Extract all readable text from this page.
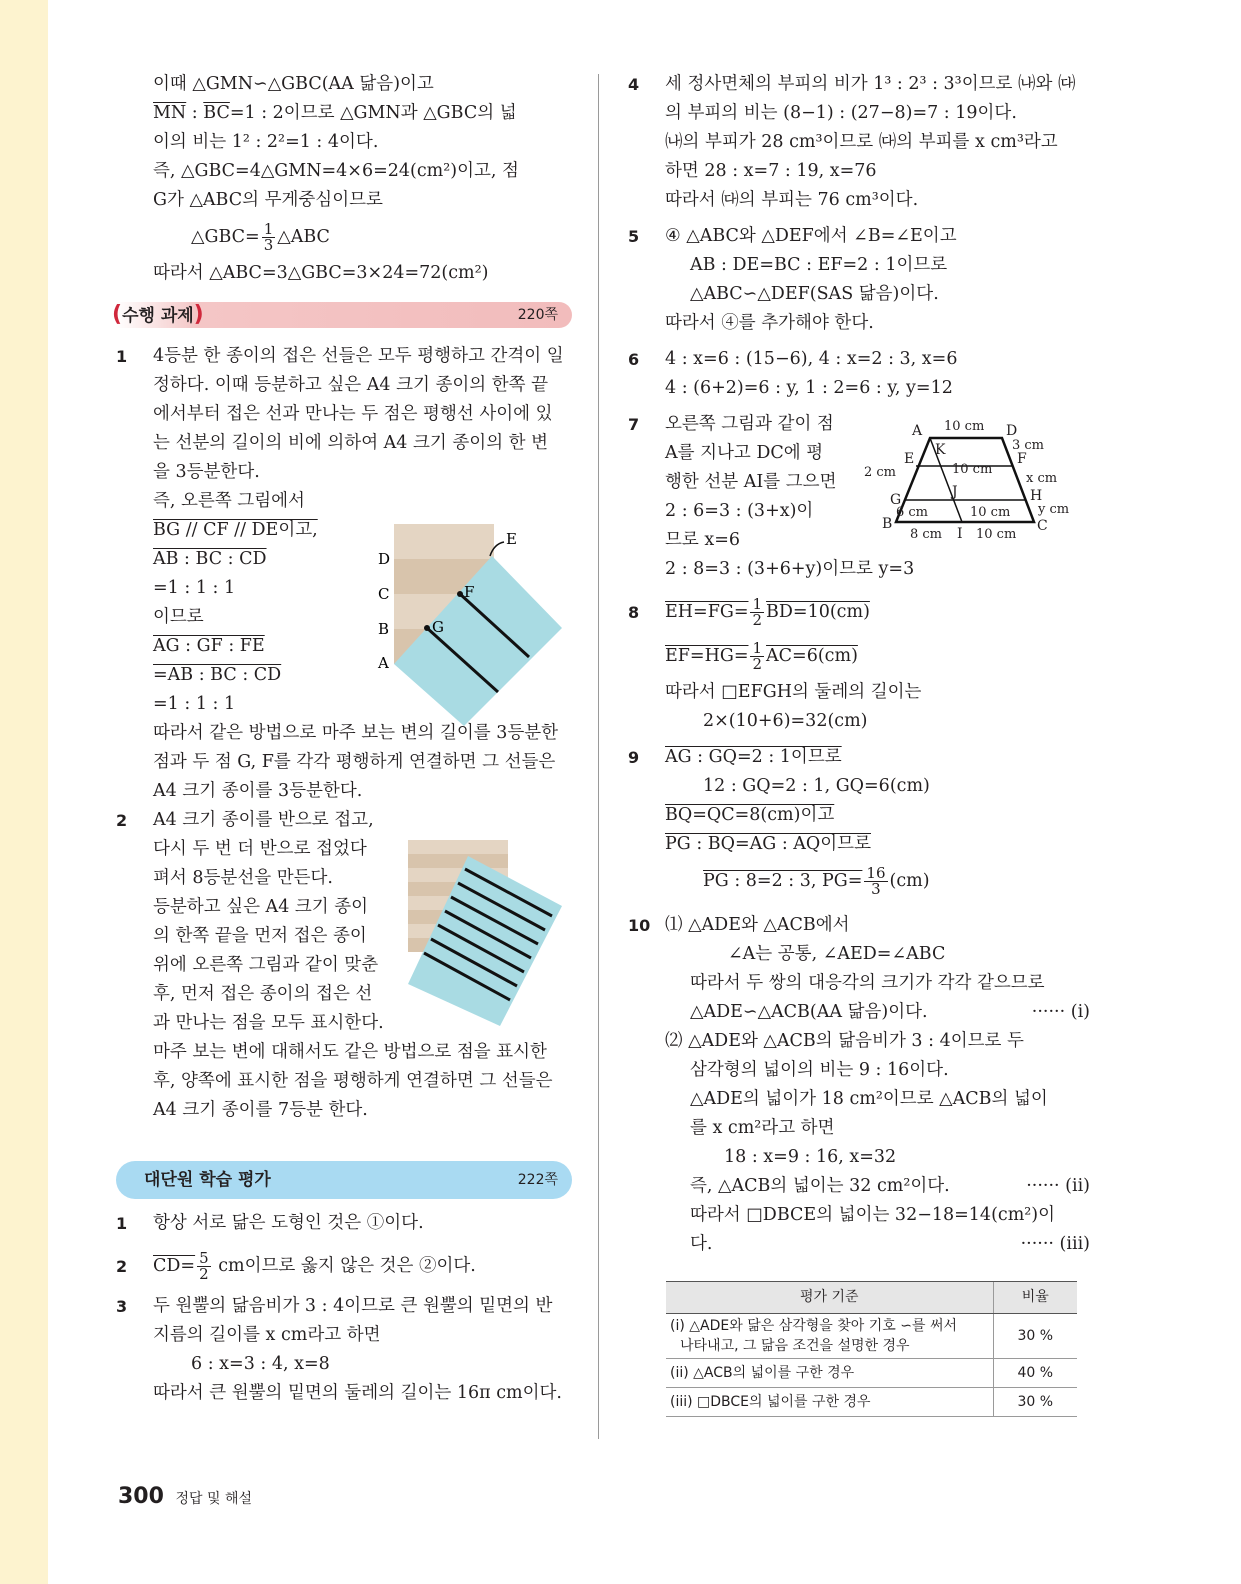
이때 △GMN∽△GBC(AA 닮음)이고
$\overline{MN}$ : $\overline{BC}=1$ : 2이므로 △GMN과 △GBC의 넓
이의 비는 1² : 2²=1 : 4이다.
즉, △GBC=4△GMN=4×6=24(cm²)이고, 점
G가 △ABC의 무게중심이므로
△GBC= $\frac{1}{3}$ △ABC
따라서 △ABC=3△GBC=3×24=72(cm²)
(수행 과제)	220쪽
1	4등분 한 종이의 접은 선들은 모두 평행하고 간격이 일
정하다. 이때 등분하고 싶은 A4 크기 종이의 한쪽 끝
에서부터 접은 선과 만나는 두 점은 평행선 사이에 있
는 선분의 길이의 비에 의하여 A4 크기 종이의 한 변
을 3등분한다.
즉, 오른쪽 그림에서
BG // CF // DE이고,
AB : BC : CD
=1 : 1 : 1
이므로
AG : GF : FE
=AB : BC : CD
=1 : 1 : 1
따라서 같은 방법으로 마주 보는 변의 길이를 3등분한
점과 두 점 G, F를 각각 평행하게 연결하면 그 선들은
A4 크기 종이를 3등분한다.
2	A4 크기 종이를 반으로 접고,
다시 두 번 더 반으로 접었다
펴서 8등분선을 만든다.
등분하고 싶은 A4 크기 종이
의 한쪽 끝을 먼저 접은 종이
위에 오른쪽 그림과 같이 맞춘
후, 먼저 접은 종이의 접은 선
과 만나는 점을 모두 표시한다.
마주 보는 변에 대해서도 같은 방법으로 점을 표시한
후, 양쪽에 표시한 점을 평행하게 연결하면 그 선들은
A4 크기 종이를 7등분 한다.
대단원 학습 평가	222쪽
1	항상 서로 닮은 도형인 것은 ①이다.
2	$CD= \frac{5}{2}$ cm이므로 옳지 않은 것은 ②이다.
3	두 원뿔의 닮음비가 3 : 4이므로 큰 원뿔의 밑면의 반
지름의 길이를 x cm라고 하면
6 : x=3 : 4, x=8
따라서 큰 원뿔의 밑면의 둘레의 길이는 16π cm이다.
D
C
B
A
E
F
G
4	세 정사면체의 부피의 비가 1³ : 2³ : 3³이므로 ㈏와 ㈐
의 부피의 비는 (8−1) : (27−8)=7 : 19이다.
㈏의 부피가 28 cm³이므로 ㈐의 부피를 x cm³라고
하면 28 : x=7 : 19, x=76
따라서 ㈐의 부피는 76 cm³이다.
5	④ △ABC와 △DEF에서 ∠B=∠E이고
AB : DE=BC : EF=2 : 1이므로
△ABC∽△DEF(SAS 닮음)이다.
따라서 ④를 추가해야 한다.
6	4 : x=6 : (15−6), 4 : x=2 : 3, x=6
4 : (6+2)=6 : y, 1 : 2=6 : y, y=12
7	오른쪽 그림과 같이 점
A를 지나고 DC에 평
행한 선분 AI를 그으면
2 : 6=3 : (3+x)이
므로 x=6
2 : 8=3 : (3+6+y)이므로 y=3
8	$EH=FG= \frac{1}{2} BD=10(cm)$
$EF=HG= \frac{1}{2} AC=6(cm)$
따라서 □EFGH의 둘레의 길이는
2×(10+6)=32(cm)
9	AG : GQ=2 : 1이므로
12 : GQ=2 : 1, GQ=6(cm)
BQ=QC=8(cm)이고
PG : BQ=AG : AQ이므로
PG : 8=2 : 3, $PG= \frac{16}{3} (cm)$
10 ⑴ △ADE와 △ACB에서
∠A는 공통, ∠AED=∠ABC
따라서 두 쌍의 대응각의 크기가 각각 같으므로
△ADE∽△ACB(AA 닮음)이다.	······ (i)
⑵ △ADE와 △ACB의 닮음비가 3 : 4이므로 두
삼각형의 넓이의 비는 9 : 16이다.
△ADE의 넓이가 18 cm²이므로 △ACB의 넓이
를 x cm²라고 하면
18 : x=9 : 16, x=32
즉, △ACB의 넓이는 32 cm²이다.	······ (ii)
따라서 □DBCE의 넓이는 32−18=14(cm²)이
다.	······ (iii)
A	D
K
E	F
J
G	H
B	C
I
10 cm
3 cm
2 cm	10 cm
x cm
y cm
6 cm	10 cm
8 cm	10 cm
평가 기준	비율

(i) △ADE와 닮은 삼각형을 찾아 기호 ∽를 써서
나타내고, 그 닮음 조건을 설명한 경우	30 %
(ii) △ACB의 넓이를 구한 경우	40 %
(iii) □DBCE의 넓이를 구한 경우	30 %
300 정답 및 해설
